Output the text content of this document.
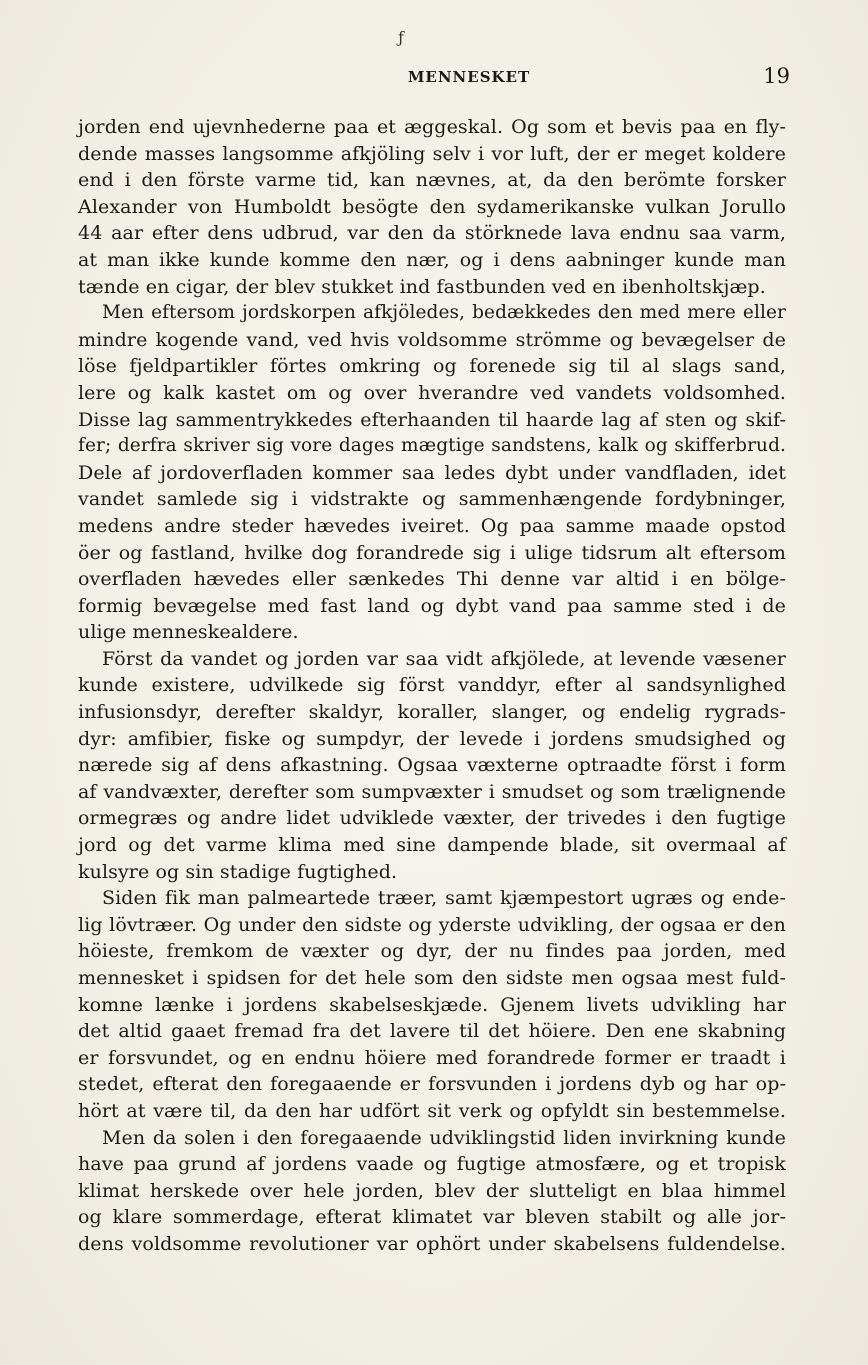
ƒ
MENNESKET	19
jorden end ujevnhederne paa et æggeskal. Og som et bevis paa en fly-
dende masses langsomme afkjöling selv i vor luft, der er meget koldere
end i den förste varme tid, kan nævnes, at, da den berömte forsker
Alexander von Humboldt besögte den sydamerikanske vulkan Jorullo
44 aar efter dens udbrud, var den da störknede lava endnu saa varm,
at man ikke kunde komme den nær, og i dens aabninger kunde man
tænde en cigar, der blev stukket ind fastbunden ved en ibenholtskjæp.
Men eftersom jordskorpen afkjöledes, bedækkedes den med mere eller
mindre kogende vand, ved hvis voldsomme strömme og bevægelser de
löse fjeldpartikler förtes omkring og forenede sig til al slags sand,
lere og kalk kastet om og over hverandre ved vandets voldsomhed.
Disse lag sammentrykkedes efterhaanden til haarde lag af sten og skif-
fer; derfra skriver sig vore dages mægtige sandstens, kalk og skifferbrud.
Dele af jordoverfladen kommer saa ledes dybt under vandfladen, idet
vandet samlede sig i vidstrakte og sammenhængende fordybninger,
medens andre steder hævedes iveiret. Og paa samme maade opstod
öer og fastland, hvilke dog forandrede sig i ulige tidsrum alt eftersom
overfladen hævedes eller sænkedes Thi denne var altid i en bölge-
formig bevægelse med fast land og dybt vand paa samme sted i de
ulige menneskealdere.
Först da vandet og jorden var saa vidt afkjölede, at levende væsener
kunde existere, udvilkede sig först vanddyr, efter al sandsynlighed
infusionsdyr, derefter skaldyr, koraller, slanger, og endelig rygrads-
dyr: amfibier, fiske og sumpdyr, der levede i jordens smudsighed og
nærede sig af dens afkastning. Ogsaa væxterne optraadte först i form
af vandvæxter, derefter som sumpvæxter i smudset og som trælignende
ormegræs og andre lidet udviklede væxter, der trivedes i den fugtige
jord og det varme klima med sine dampende blade, sit overmaal af
kulsyre og sin stadige fugtighed.
Siden fik man palmeartede træer, samt kjæmpestort ugræs og ende-
lig lövtræer. Og under den sidste og yderste udvikling, der ogsaa er den
höieste, fremkom de væxter og dyr, der nu findes paa jorden, med
mennesket i spidsen for det hele som den sidste men ogsaa mest fuld-
komne lænke i jordens skabelseskjæde. Gjenem livets udvikling har
det altid gaaet fremad fra det lavere til det höiere. Den ene skabning
er forsvundet, og en endnu höiere med forandrede former er traadt i
stedet, efterat den foregaaende er forsvunden i jordens dyb og har op-
hört at være til, da den har udfört sit verk og opfyldt sin bestemmelse.
Men da solen i den foregaaende udviklingstid liden invirkning kunde
have paa grund af jordens vaade og fugtige atmosfære, og et tropisk
klimat herskede over hele jorden, blev der slutteligt en blaa himmel
og klare sommerdage, efterat klimatet var bleven stabilt og alle jor-
dens voldsomme revolutioner var ophört under skabelsens fuldendelse.
